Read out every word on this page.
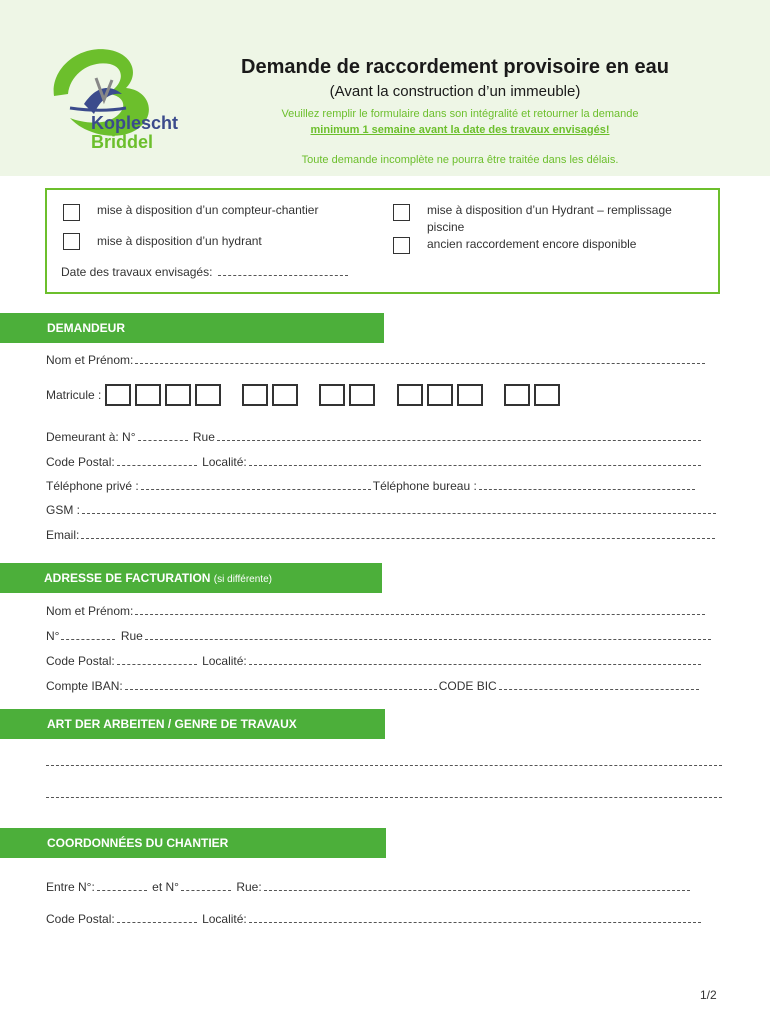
Koplescht
Briddel
Demande de raccordement provisoire en eau

(Avant la construction d’un immeuble)

Veuillez remplir le formulaire dans son intégralité et retourner la demande
minimum 1 semaine avant la date des travaux envisagés!
Toute demande incomplète ne pourra être traitée dans les délais.
mise à disposition d’un compteur-chantier
mise à disposition d’un hydrant
mise à disposition d’un Hydrant – remplissage piscine
ancien raccordement encore disponible
Date des travaux envisagés:
DEMANDEUR
Nom et Prénom:
Matricule :
Demeurant à: N°	Rue
Code Postal:	Localité:
Téléphone privé :	Téléphone bureau :
GSM :
Email:
ADRESSE DE FACTURATION (si différente)
Nom et Prénom:
N°	Rue
Code Postal:	Localité:
Compte IBAN:	CODE BIC
ART DER ARBEITEN / GENRE DE TRAVAUX
COORDONNÉES DU CHANTIER
Entre N°:	et N°	Rue:
Code Postal:	Localité:
1/2
